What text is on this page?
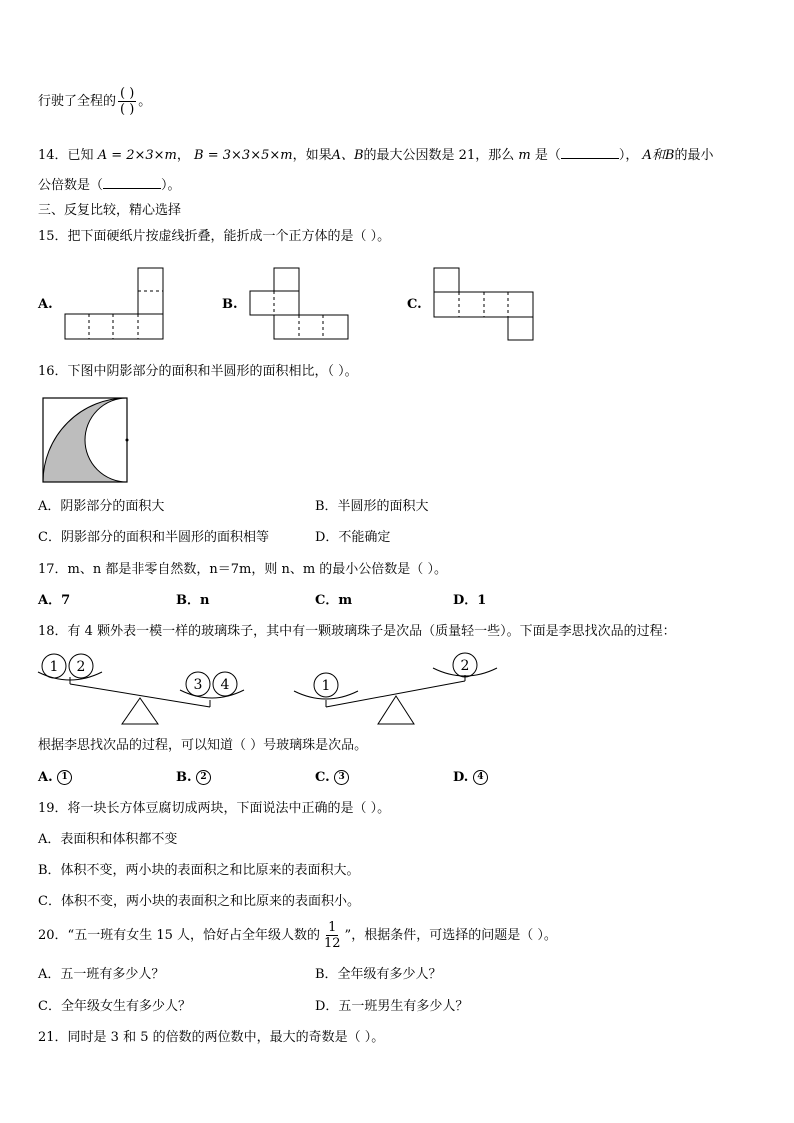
行驶了全程的 $\frac{( )}{( )}$ 。
14．已知 A = 2×3×m， B = 3×3×5×m，如果A、B的最大公因数是 21，那么 m 是（	）， A和B的最小
公倍数是（	）。
三、反复比较，精心选择
15．把下面硬纸片按虚线折叠，能折成一个正方体的是（ ）。
A.	B.	C.
16．下图中阴影部分的面积和半圆形的面积相比，（ ）。
A．阴影部分的面积大	B．半圆形的面积大
C．阴影部分的面积和半圆形的面积相等	D．不能确定
17．m、n 都是非零自然数，n＝7m，则 n、m 的最小公倍数是（ ）。
A．7	B．n	C．m	D．1
18．有 4 颗外表一模一样的玻璃珠子，其中有一颗玻璃珠子是次品（质量轻一些）。下面是李思找次品的过程：
1 2
3 4	1
2
根据李思找次品的过程，可以知道（ ）号玻璃珠是次品。
A. 1	B. 2	C. 3	D. 4
19．将一块长方体豆腐切成两块，下面说法中正确的是（ ）。
A．表面积和体积都不变
B．体积不变，两小块的表面积之和比原来的表面积大。
C．体积不变，两小块的表面积之和比原来的表面积小。
20．“五一班有女生 15 人，恰好占全年级人数的 $\frac{1}{12}$ ”，根据条件，可选择的问题是（ ）。
A．五一班有多少人？	B．全年级有多少人？
C．全年级女生有多少人？	D．五一班男生有多少人？
21．同时是 3 和 5 的倍数的两位数中，最大的奇数是（ ）。
